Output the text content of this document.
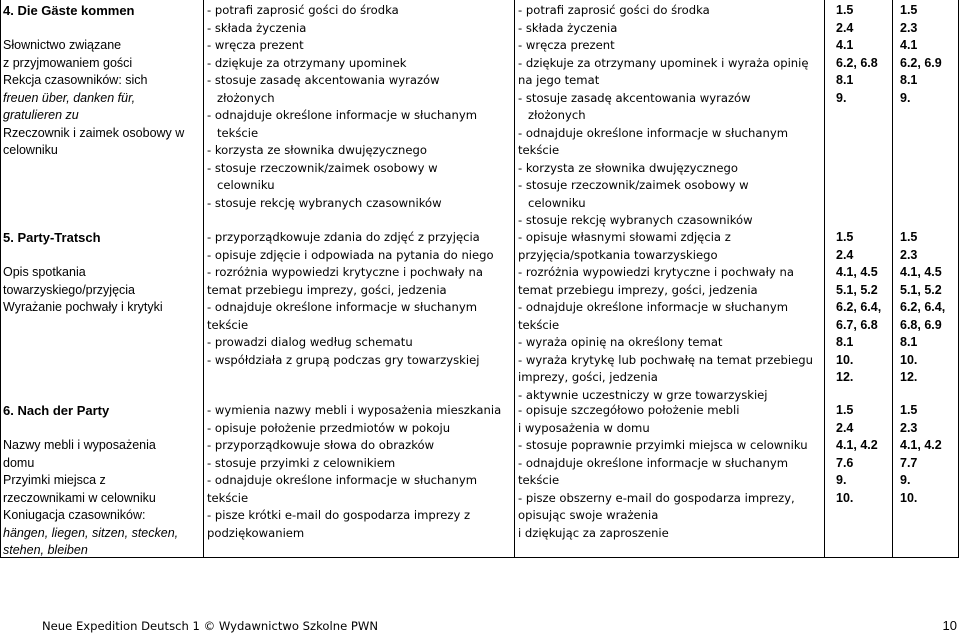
4. Die Gäste kommen
Słownictwo związane
z przyjmowaniem gości
Rekcja czasowników: sich
freuen über, danken für,
gratulieren zu
Rzeczownik i zaimek osobowy w
celowniku
5. Party-Tratsch
Opis spotkania
towarzyskiego/przyjęcia
Wyrażanie pochwały i krytyki
6. Nach der Party
Nazwy mebli i wyposażenia
domu
Przyimki miejsca z
rzeczownikami w celowniku
Koniugacja czasowników:
hängen, liegen, sitzen, stecken,
stehen, bleiben
- potrafi zaprosić gości do środka
- składa życzenia
- wręcza prezent
- dziękuje za otrzymany upominek
- stosuje zasadę akcentowania wyrazów
złożonych
- odnajduje określone informacje w słuchanym
tekście
- korzysta ze słownika dwujęzycznego
- stosuje rzeczownik/zaimek osobowy w
celowniku
- stosuje rekcję wybranych czasowników
- przyporządkowuje zdania do zdjęć z przyjęcia
- opisuje zdjęcie i odpowiada na pytania do niego
- rozróżnia wypowiedzi krytyczne i pochwały na
temat przebiegu imprezy, gości, jedzenia
- odnajduje określone informacje w słuchanym
tekście
- prowadzi dialog według schematu
- współdziała z grupą podczas gry towarzyskiej
- wymienia nazwy mebli i wyposażenia mieszkania
- opisuje położenie przedmiotów w pokoju
- przyporządkowuje słowa do obrazków
- stosuje przyimki z celownikiem
- odnajduje określone informacje w słuchanym
tekście
- pisze krótki e-mail do gospodarza imprezy z
podziękowaniem
- potrafi zaprosić gości do środka
- składa życzenia
- wręcza prezent
- dziękuje za otrzymany upominek i wyraża opinię
na jego temat
- stosuje zasadę akcentowania wyrazów
złożonych
- odnajduje określone informacje w słuchanym
tekście
- korzysta ze słownika dwujęzycznego
- stosuje rzeczownik/zaimek osobowy w
celowniku
- stosuje rekcję wybranych czasowników
- opisuje własnymi słowami zdjęcia z
przyjęcia/spotkania towarzyskiego
- rozróżnia wypowiedzi krytyczne i pochwały na
temat przebiegu imprezy, gości, jedzenia
- odnajduje określone informacje w słuchanym
tekście
- wyraża opinię na określony temat
- wyraża krytykę lub pochwałę na temat przebiegu
imprezy, gości, jedzenia
- aktywnie uczestniczy w grze towarzyskiej
- opisuje szczegółowo położenie mebli
i wyposażenia w domu
- stosuje poprawnie przyimki miejsca w celowniku
- odnajduje określone informacje w słuchanym
tekście
- pisze obszerny e-mail do gospodarza imprezy,
opisując swoje wrażenia
i dziękując za zaproszenie
1.5
2.4
4.1
6.2, 6.8
8.1
9.
1.5
2.4
4.1, 4.5
5.1, 5.2
6.2, 6.4,
6.7, 6.8
8.1
10.
12.
1.5
2.4
4.1, 4.2
7.6
9.
10.
1.5
2.3
4.1
6.2, 6.9
8.1
9.
1.5
2.3
4.1, 4.5
5.1, 5.2
6.2, 6.4,
6.8, 6.9
8.1
10.
12.
1.5
2.3
4.1, 4.2
7.7
9.
10.
Neue Expedition Deutsch 1 © Wydawnictwo Szkolne PWN	10
